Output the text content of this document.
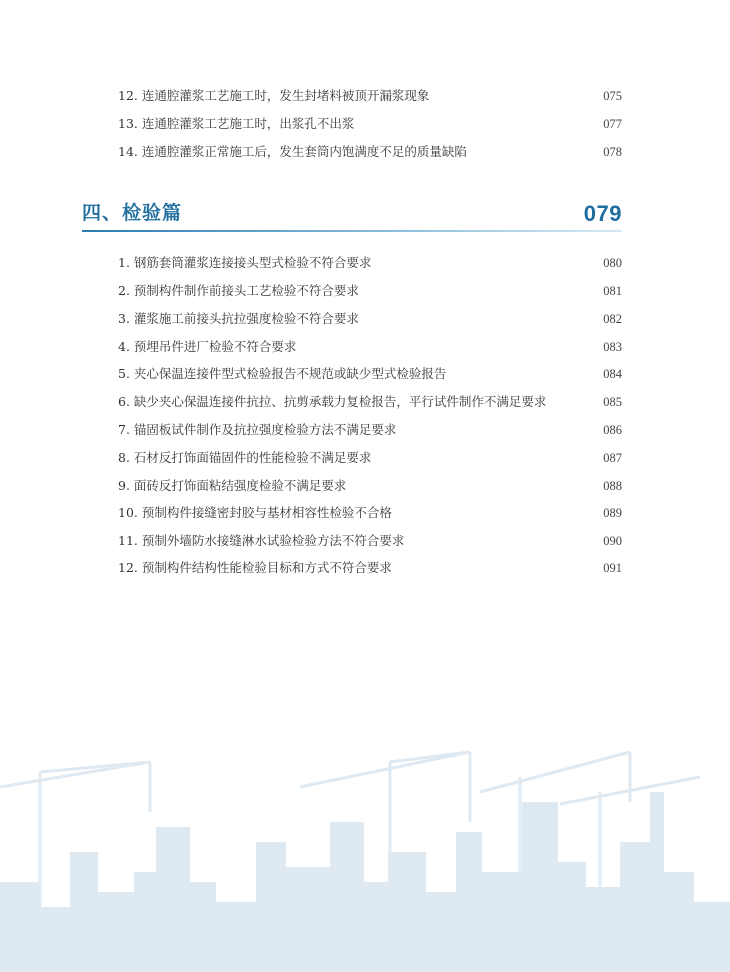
12. 连通腔灌浆工艺施工时，发生封堵料被顶开漏浆现象	075
13. 连通腔灌浆工艺施工时，出浆孔不出浆	077
14. 连通腔灌浆正常施工后，发生套筒内饱满度不足的质量缺陷	078
四、检验篇	079
1. 钢筋套筒灌浆连接接头型式检验不符合要求	080
2. 预制构件制作前接头工艺检验不符合要求	081
3. 灌浆施工前接头抗拉强度检验不符合要求	082
4. 预埋吊件进厂检验不符合要求	083
5. 夹心保温连接件型式检验报告不规范或缺少型式检验报告	084
6. 缺少夹心保温连接件抗拉、抗剪承载力复检报告，平行试件制作不满足要求	085
7. 锚固板试件制作及抗拉强度检验方法不满足要求	086
8. 石材反打饰面锚固件的性能检验不满足要求	087
9. 面砖反打饰面粘结强度检验不满足要求	088
10. 预制构件接缝密封胶与基材相容性检验不合格	089
11. 预制外墙防水接缝淋水试验检验方法不符合要求	090
12. 预制构件结构性能检验目标和方式不符合要求	091
